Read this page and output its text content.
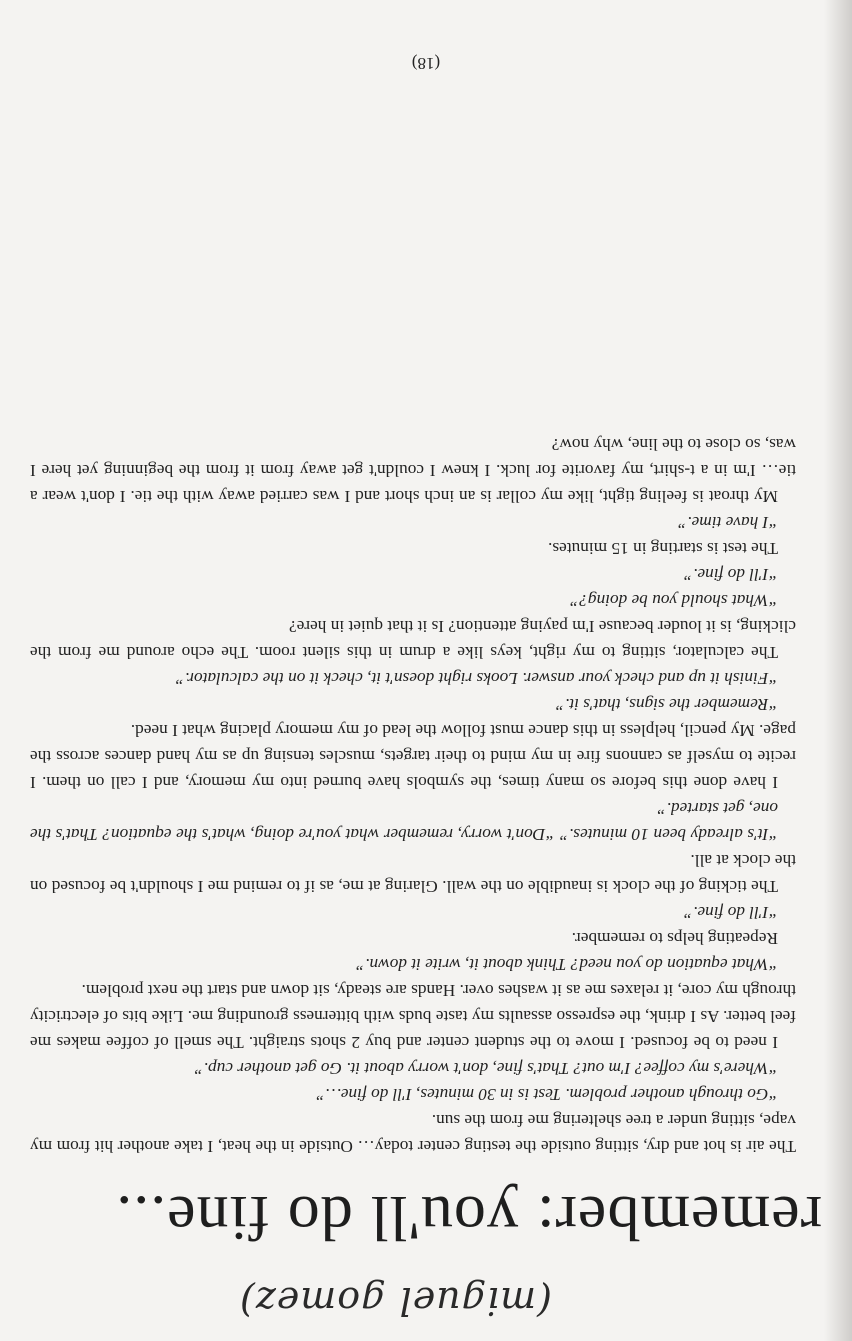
(miguel gomez)
remember: you'll do fine...

The air is hot and dry, sitting outside the testing center today… Outside in the heat, I take another hit from my vape, sitting under a tree sheltering me from the sun.

“Go through another problem. Test is in 30 minutes, I'll do fine…”

“Where's my coffee? I'm out? That's fine, don't worry about it. Go get another cup.”

I need to be focused. I move to the student center and buy 2 shots straight. The smell of coffee makes me feel better. As I drink, the espresso assaults my taste buds with bitterness grounding me. Like bits of electricity through my core, it relaxes me as it washes over. Hands are steady, sit down and start the next problem.

“What equation do you need? Think about it, write it down.”

Repeating helps to remember.

“I'll do fine.”

The ticking of the clock is inaudible on the wall. Glaring at me, as if to remind me I shouldn't be focused on the clock at all.

“It's already been 10 minutes.” “Don't worry, remember what you're doing, what's the equation? That's the one, get started.”

I have done this before so many times, the symbols have burned into my memory, and I call on them. I recite to myself as cannons fire in my mind to their targets, muscles tensing up as my hand dances across the page. My pencil, helpless in this dance must follow the lead of my memory placing what I need.

“Remember the signs, that's it.”

“Finish it up and check your answer. Looks right doesn't it, check it on the calculator.”

The calculator, sitting to my right, keys like a drum in this silent room. The echo around me from the clicking, is it louder because I'm paying attention? Is it that quiet in here?

“What should you be doing?”

“I'll do fine.”

The test is starting in 15 minutes.

“I have time.”

My throat is feeling tight, like my collar is an inch short and I was carried away with the tie. I don't wear a tie… I'm in a t-shirt, my favorite for luck. I knew I couldn't get away from it from the beginning yet here I was, so close to the line, why now?

(18)
